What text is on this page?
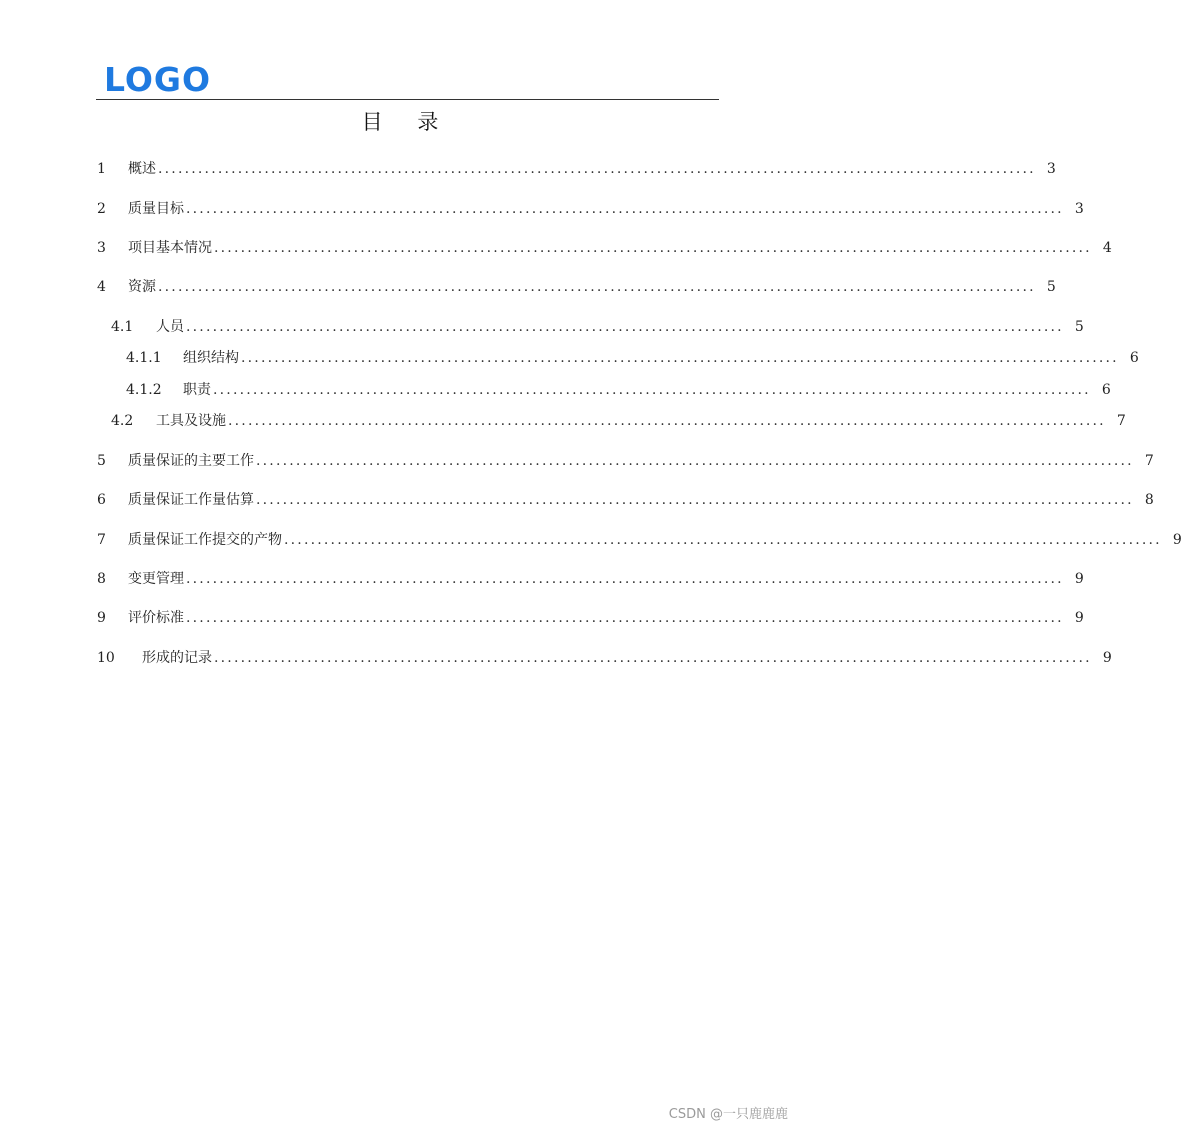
LOGO
目 录
1	概述 .................................................................................................................................... 3
2	质量目标 .................................................................................................................................... 3
3	项目基本情况 .................................................................................................................................... 4
4	资源 .................................................................................................................................... 5
4.1	人员 .................................................................................................................................... 5
4.1.1	组织结构 .................................................................................................................................... 6
4.1.2	职责 .................................................................................................................................... 6
4.2	工具及设施 .................................................................................................................................... 7
5	质量保证的主要工作 .................................................................................................................................... 7
6	质量保证工作量估算 .................................................................................................................................... 8
7	质量保证工作提交的产物 .................................................................................................................................... 9
8	变更管理 .................................................................................................................................... 9
9	评价标准 .................................................................................................................................... 9
10	形成的记录 .................................................................................................................................... 9
CSDN @一只鹿鹿鹿
